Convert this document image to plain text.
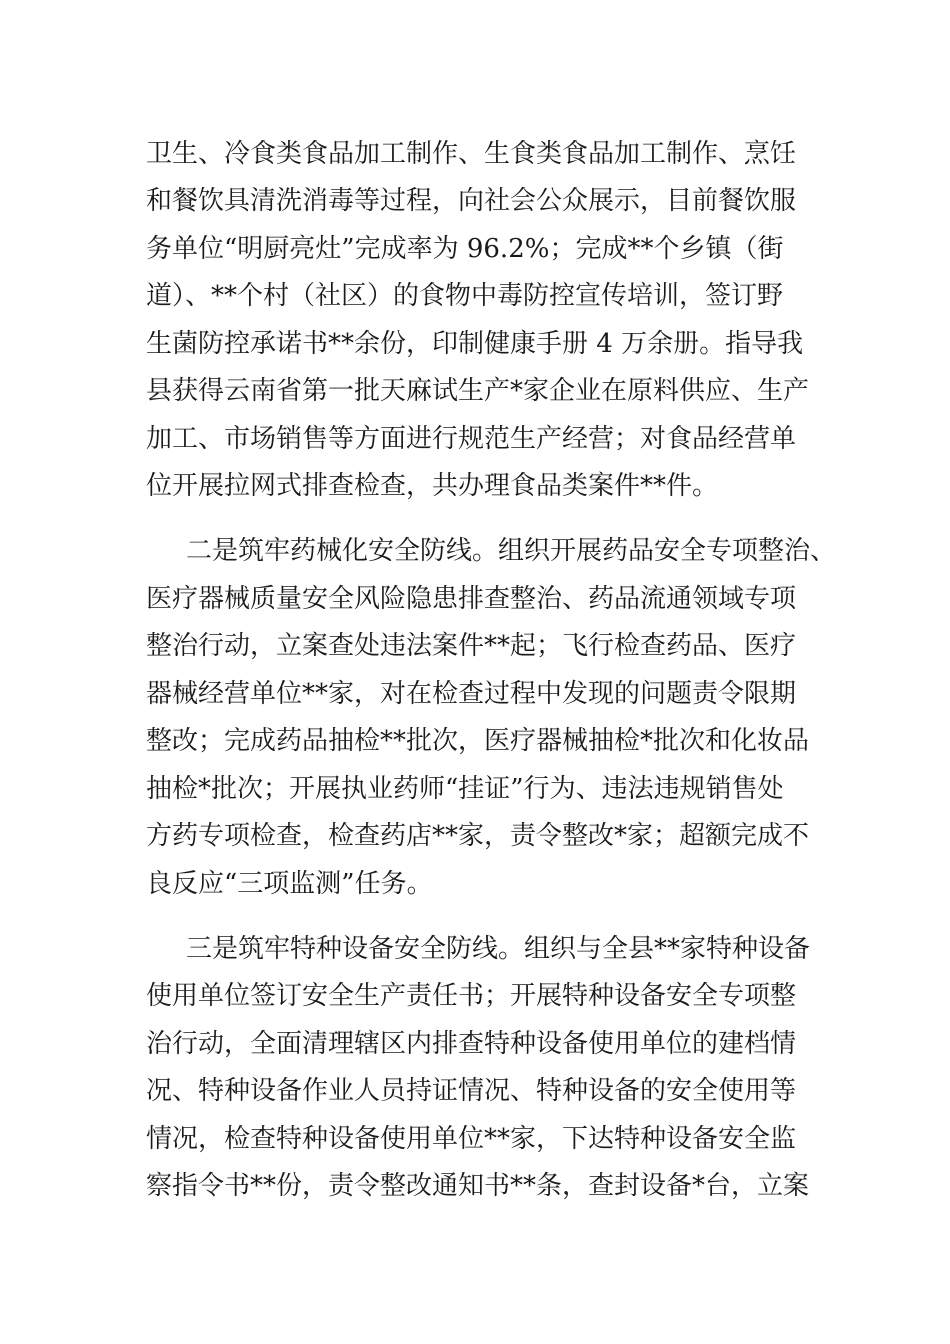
卫生、冷食类食品加工制作、生食类食品加工制作、烹饪
和餐饮具清洗消毒等过程，向社会公众展示，目前餐饮服
务单位“明厨亮灶”完成率为 96.2%；完成**个乡镇（街
道）、**个村（社区）的食物中毒防控宣传培训，签订野
生菌防控承诺书**余份，印制健康手册 4 万余册。指导我
县获得云南省第一批天麻试生产*家企业在原料供应、生产
加工、市场销售等方面进行规范生产经营；对食品经营单
位开展拉网式排查检查，共办理食品类案件**件。
二是筑牢药械化安全防线。组织开展药品安全专项整治、
医疗器械质量安全风险隐患排查整治、药品流通领域专项
整治行动，立案查处违法案件**起；飞行检查药品、医疗
器械经营单位**家，对在检查过程中发现的问题责令限期
整改；完成药品抽检**批次，医疗器械抽检*批次和化妆品
抽检*批次；开展执业药师“挂证”行为、违法违规销售处
方药专项检查，检查药店**家，责令整改*家；超额完成不
良反应“三项监测”任务。
三是筑牢特种设备安全防线。组织与全县**家特种设备
使用单位签订安全生产责任书；开展特种设备安全专项整
治行动，全面清理辖区内排查特种设备使用单位的建档情
况、特种设备作业人员持证情况、特种设备的安全使用等
情况，检查特种设备使用单位**家，下达特种设备安全监
察指令书**份，责令整改通知书**条，查封设备*台，立案
